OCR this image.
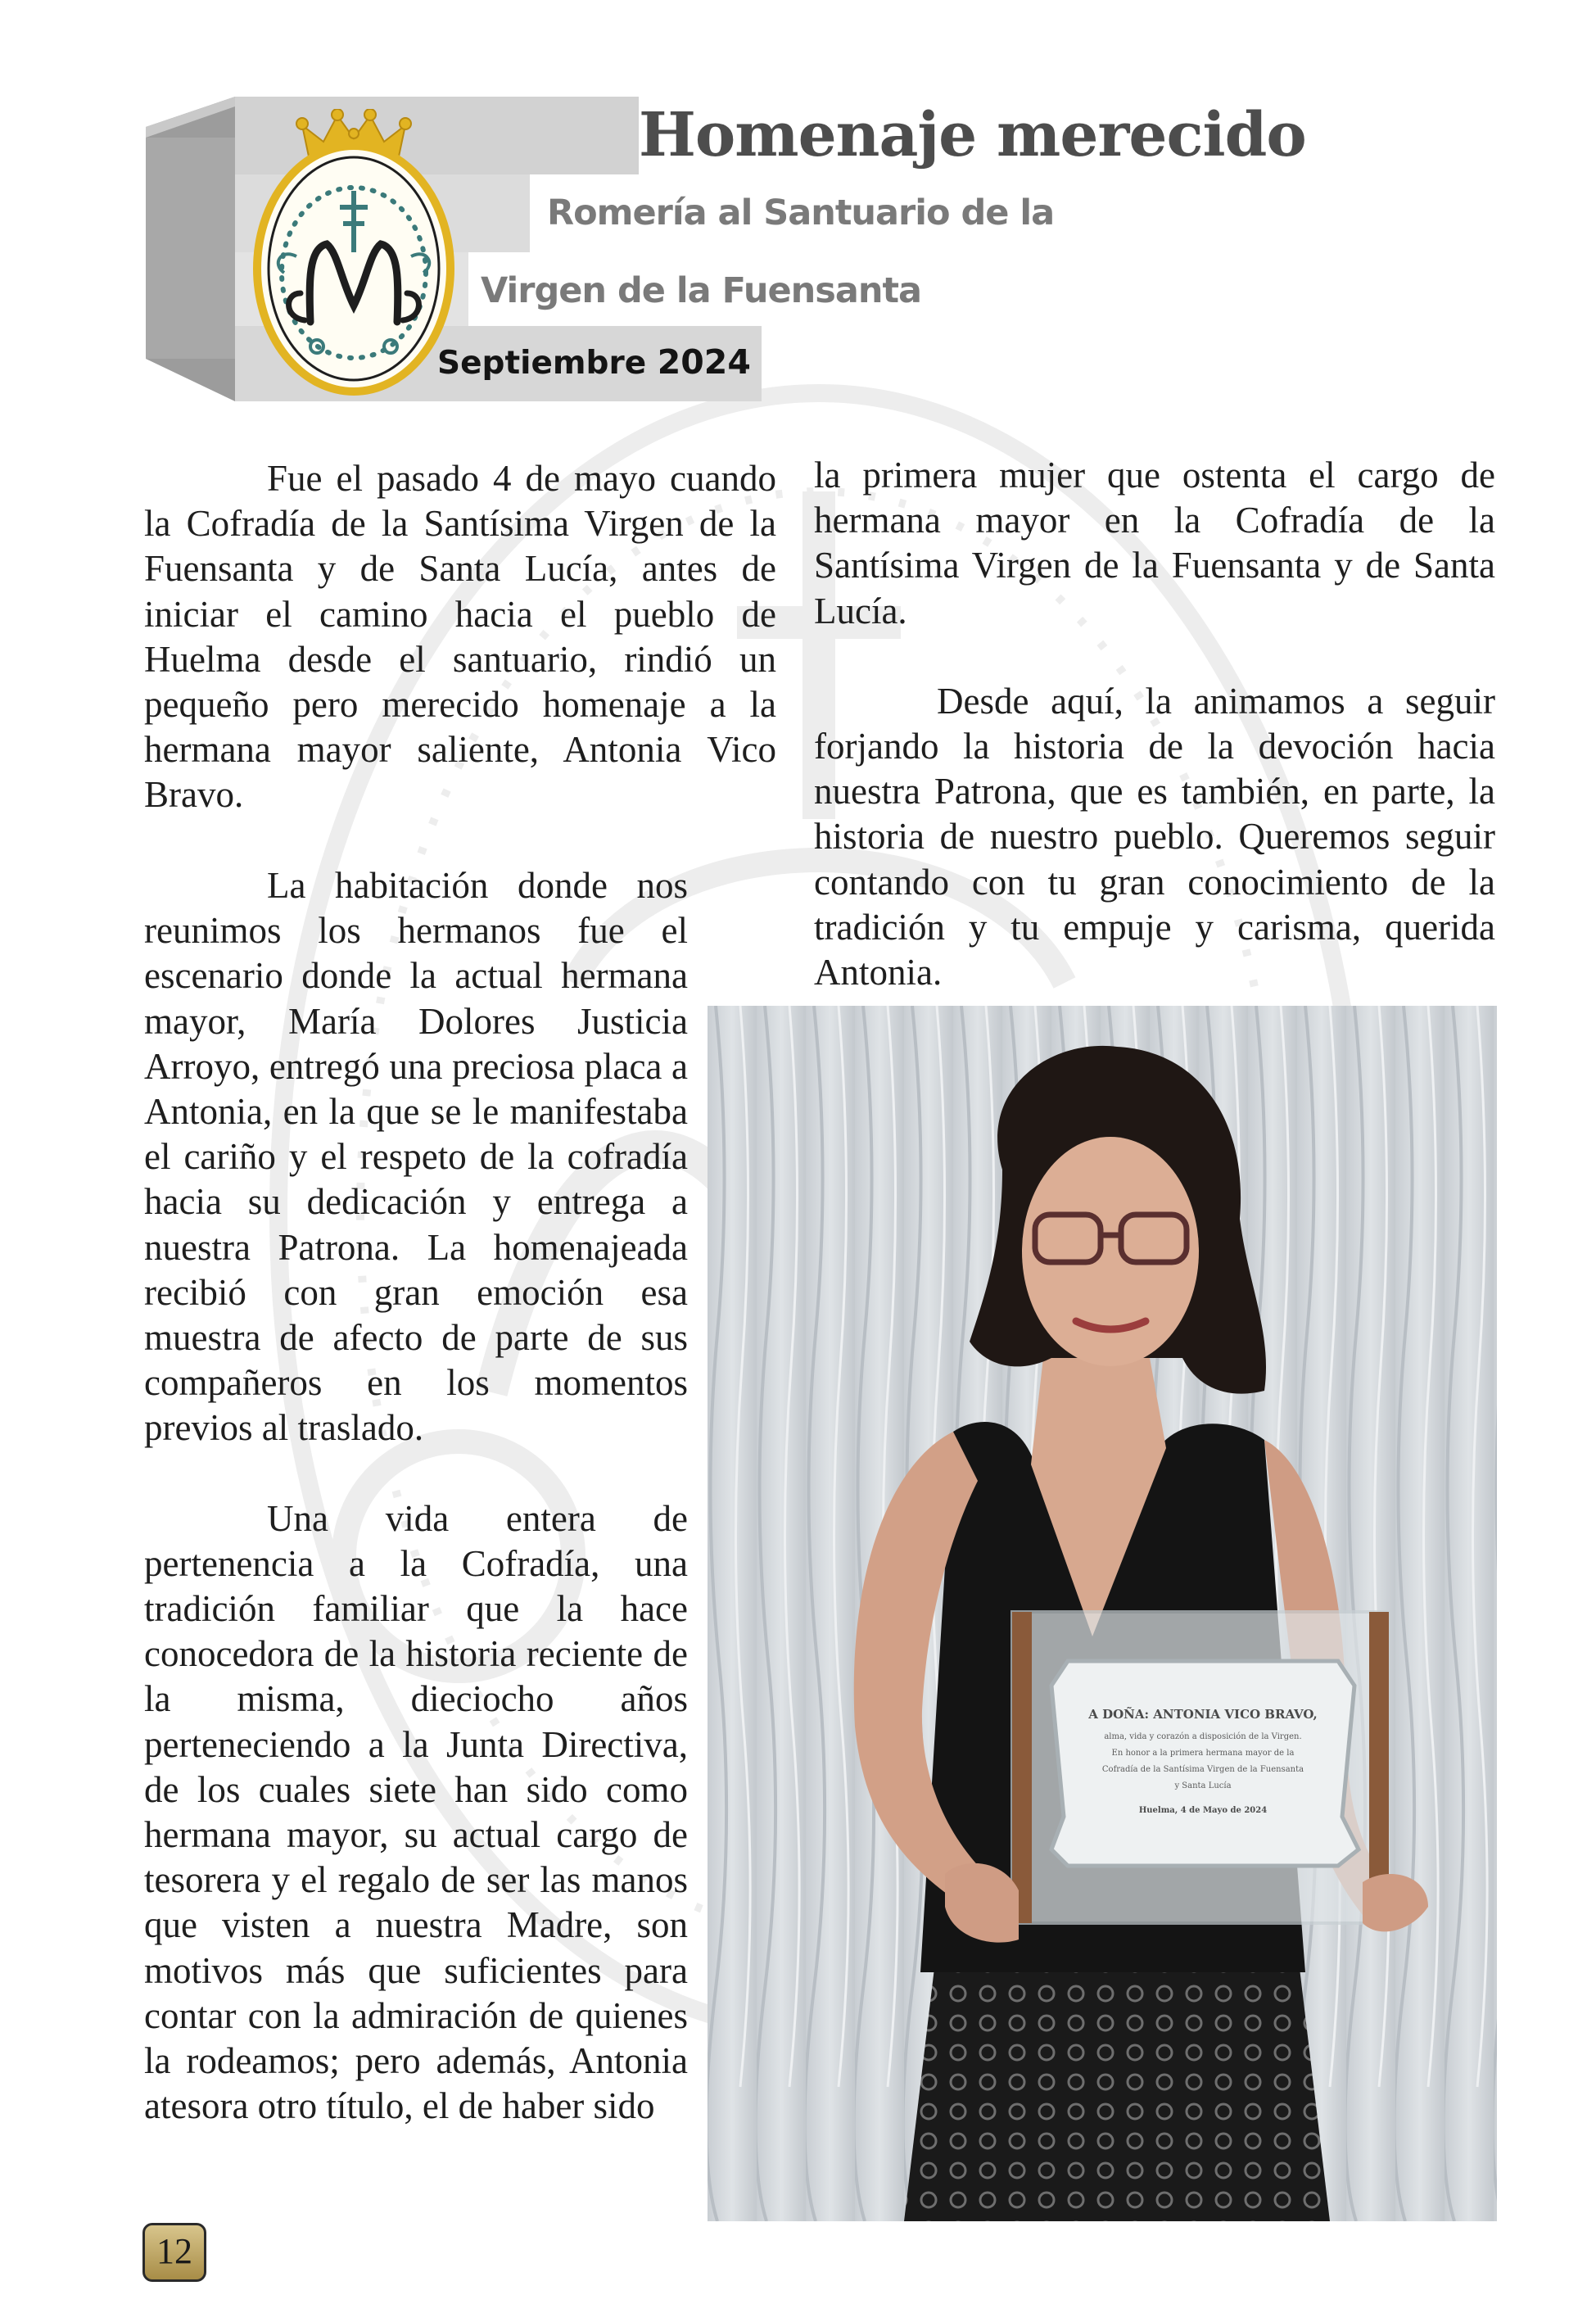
Homenaje merecido
Romería al Santuario de la
Virgen de la Fuensanta
Septiembre 2024

Fue el pasado 4 de mayo cuando la Cofradía de la Santísima Virgen de la Fuensanta y de Santa Lucía, antes de iniciar el camino hacia el pueblo de Huelma desde el santuario, rindió un pequeño pero merecido homenaje a la hermana mayor saliente, Antonia Vico Bravo.

La habitación donde nos reunimos los hermanos fue el escenario donde la actual hermana mayor, María Dolores Justicia Arroyo, entregó una preciosa placa a Antonia, en la que se le manifestaba el cariño y el respeto de la cofradía hacia su dedicación y entrega a nuestra Patrona. La homenajeada recibió con gran emoción esa muestra de afecto de parte de sus compañeros en los momentos previos al traslado.

Una vida entera de pertenencia a la Cofradía, una tradición familiar que la hace conocedora de la historia reciente de la misma, dieciocho años perteneciendo a la Junta Directiva, de los cuales siete han sido como hermana mayor, su actual cargo de tesorera y el regalo de ser las manos que visten a nuestra Madre, son motivos más que suficientes para contar con la admiración de quienes la rodeamos; pero además, Antonia atesora otro título, el de haber sido

la primera mujer que ostenta el cargo de hermana mayor en la Cofradía de la Santísima Virgen de la Fuensanta y de Santa Lucía.

Desde aquí, la animamos a seguir forjando la historia de la devoción hacia nuestra Patrona, que es también, en parte, la historia de nuestro pueblo. Queremos seguir contando con tu gran conocimiento de la tradición y tu empuje y carisma, querida Antonia.

A DOÑA: ANTONIA VICO BRAVO,
alma, vida y corazón a disposición de la Virgen.
En honor a la primera hermana mayor de la
Cofradía de la Santísima Virgen de la Fuensanta
y Santa Lucía
Huelma, 4 de Mayo de 2024
12
